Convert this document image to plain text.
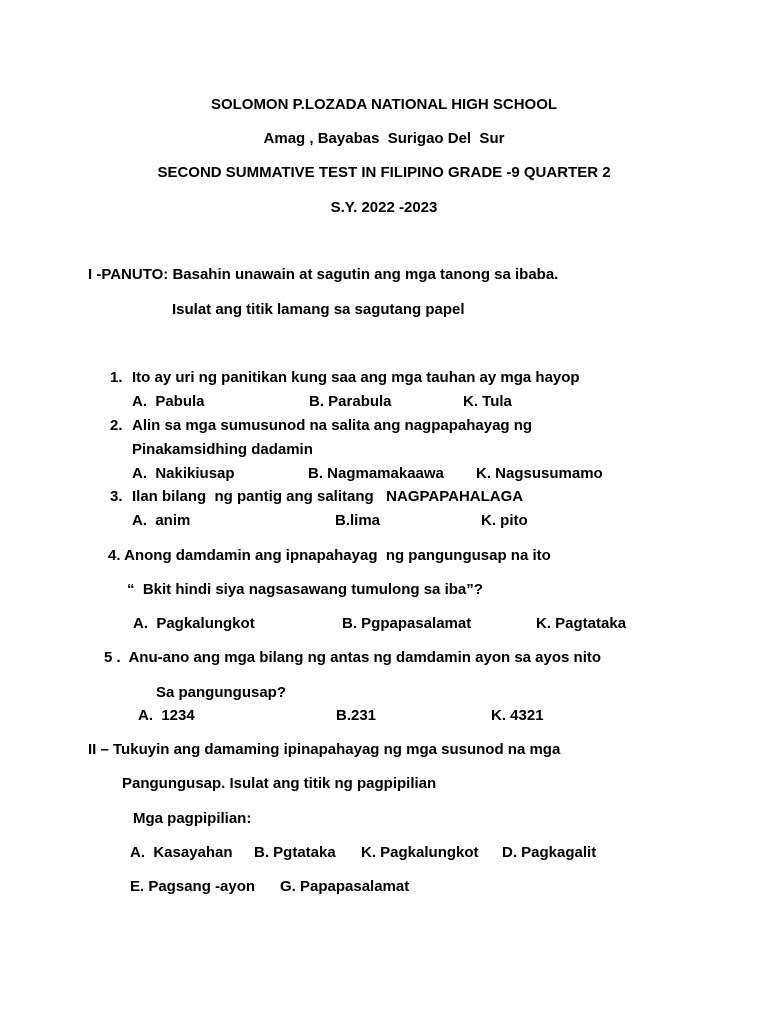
SOLOMON P.LOZADA NATIONAL HIGH SCHOOL
Amag , Bayabas  Surigao Del  Sur
SECOND SUMMATIVE TEST IN FILIPINO GRADE -9 QUARTER 2
S.Y. 2022 -2023
I -PANUTO: Basahin unawain at sagutin ang mga tanong sa ibaba.
Isulat ang titik lamang sa sagutang papel
1. Ito ay uri ng panitikan kung saa ang mga tauhan ay mga hayop
A.  Pabula	B. Parabula	K. Tula
2. Alin sa mga sumusunod na salita ang nagpapahayag ng
Pinakamsidhing dadamin
A.  Nakikiusap	B. Nagmamakaawa K. Nagsusumamo
3. Ilan bilang  ng pantig ang salitang   NAGPAPAHALAGA
A.  anim	B.lima	K. pito
4. Anong damdamin ang ipnapahayag  ng pangungusap na ito
“  Bkit hindi siya nagsasawang tumulong sa iba”?
A.  Pagkalungkot	B. Pgpapasalamat	K. Pagtataka
5 .  Anu-ano ang mga bilang ng antas ng damdamin ayon sa ayos nito
Sa pangungusap?
A.  1234	B.231	K. 4321
II – Tukuyin ang damaming ipinapahayag ng mga susunod na mga
Pangungusap. Isulat ang titik ng pagpipilian
Mga pagpipilian:
A.  Kasayahan B. Pgtataka K. Pagkalungkot D. Pagkagalit
E. Pagsang -ayon G. Papapasalamat
